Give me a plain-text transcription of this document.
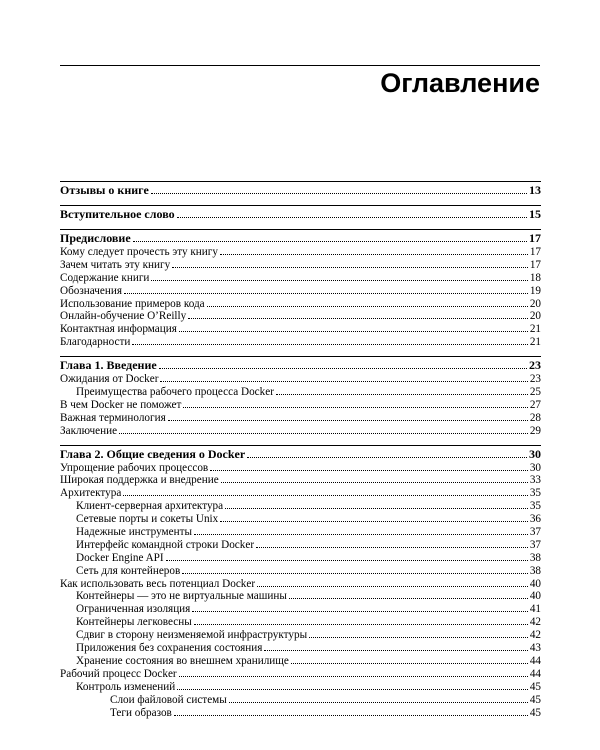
Оглавление
Отзывы о книге	13
Вступительное слово	15
Предисловие	17
Кому следует прочесть эту книгу	17
Зачем читать эту книгу	17
Содержание книги	18
Обозначения	19
Использование примеров кода	20
Онлайн-обучение O’Reilly	20
Контактная информация	21
Благодарности	21
Глава 1. Введение	23
Ожидания от Docker	23
Преимущества рабочего процесса Docker	25
В чем Docker не поможет	27
Важная терминология	28
Заключение	29
Глава 2. Общие сведения о Docker	30
Упрощение рабочих процессов	30
Широкая поддержка и внедрение	33
Архитектура	35
Клиент-серверная архитектура	35
Сетевые порты и сокеты Unix	36
Надежные инструменты	37
Интерфейс командной строки Docker	37
Docker Engine API	38
Сеть для контейнеров	38
Как использовать весь потенциал Docker	40
Контейнеры — это не виртуальные машины	40
Ограниченная изоляция	41
Контейнеры легковесны	42
Сдвиг в сторону неизменяемой инфраструктуры	42
Приложения без сохранения состояния	43
Хранение состояния во внешнем хранилище	44
Рабочий процесс Docker	44
Контроль изменений	45
Слои файловой системы	45
Теги образов	45
